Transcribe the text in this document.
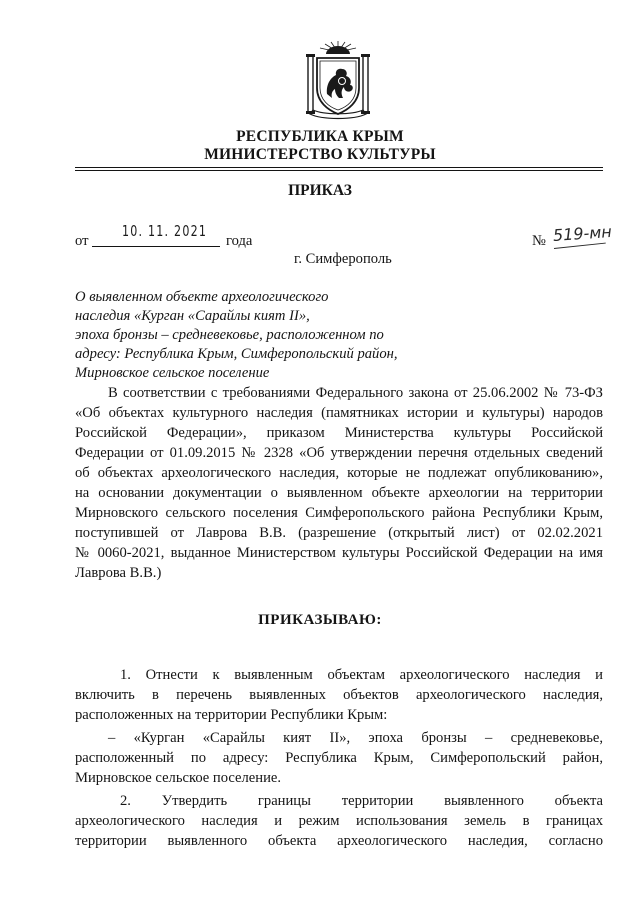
РЕСПУБЛИКА КРЫМ
МИНИСТЕРСТВО КУЛЬТУРЫ
ПРИКАЗ
от
10. 11. 2021
года	№ 519-мн
г. Симферополь
О выявленном объекте археологического
наследия «Курган «Сарайлы кият II»,
эпоха бронзы – средневековье, расположенном по
адресу: Республика Крым, Симферопольский район,
Мирновское сельское поселение
В соответствии с требованиями Федерального закона от 25.06.2002 № 73-ФЗ
«Об объектах культурного наследия (памятниках истории и культуры) народов
Российской Федерации», приказом Министерства культуры Российской
Федерации от 01.09.2015 № 2328 «Об утверждении перечня отдельных сведений
об объектах археологического наследия, которые не подлежат опубликованию»,
на основании документации о выявленном объекте археологии на территории
Мирновского сельского поселения Симферопольского района Республики Крым,
поступившей от Лаврова В.В. (разрешение (открытый лист) от 02.02.2021
№ 0060-2021, выданное Министерством культуры Российской Федерации на имя
Лаврова В.В.)
ПРИКАЗЫВАЮ:
1. Отнести к выявленным объектам археологического наследия и
включить в перечень выявленных объектов археологического наследия,
расположенных на территории Республики Крым:
– «Курган «Сарайлы кият II», эпоха бронзы – средневековье,
расположенный по адресу: Республика Крым, Симферопольский район,
Мирновское сельское поселение.
2. Утвердить границы территории выявленного объекта
археологического наследия и режим использования земель в границах
территории выявленного объекта археологического наследия, согласно
